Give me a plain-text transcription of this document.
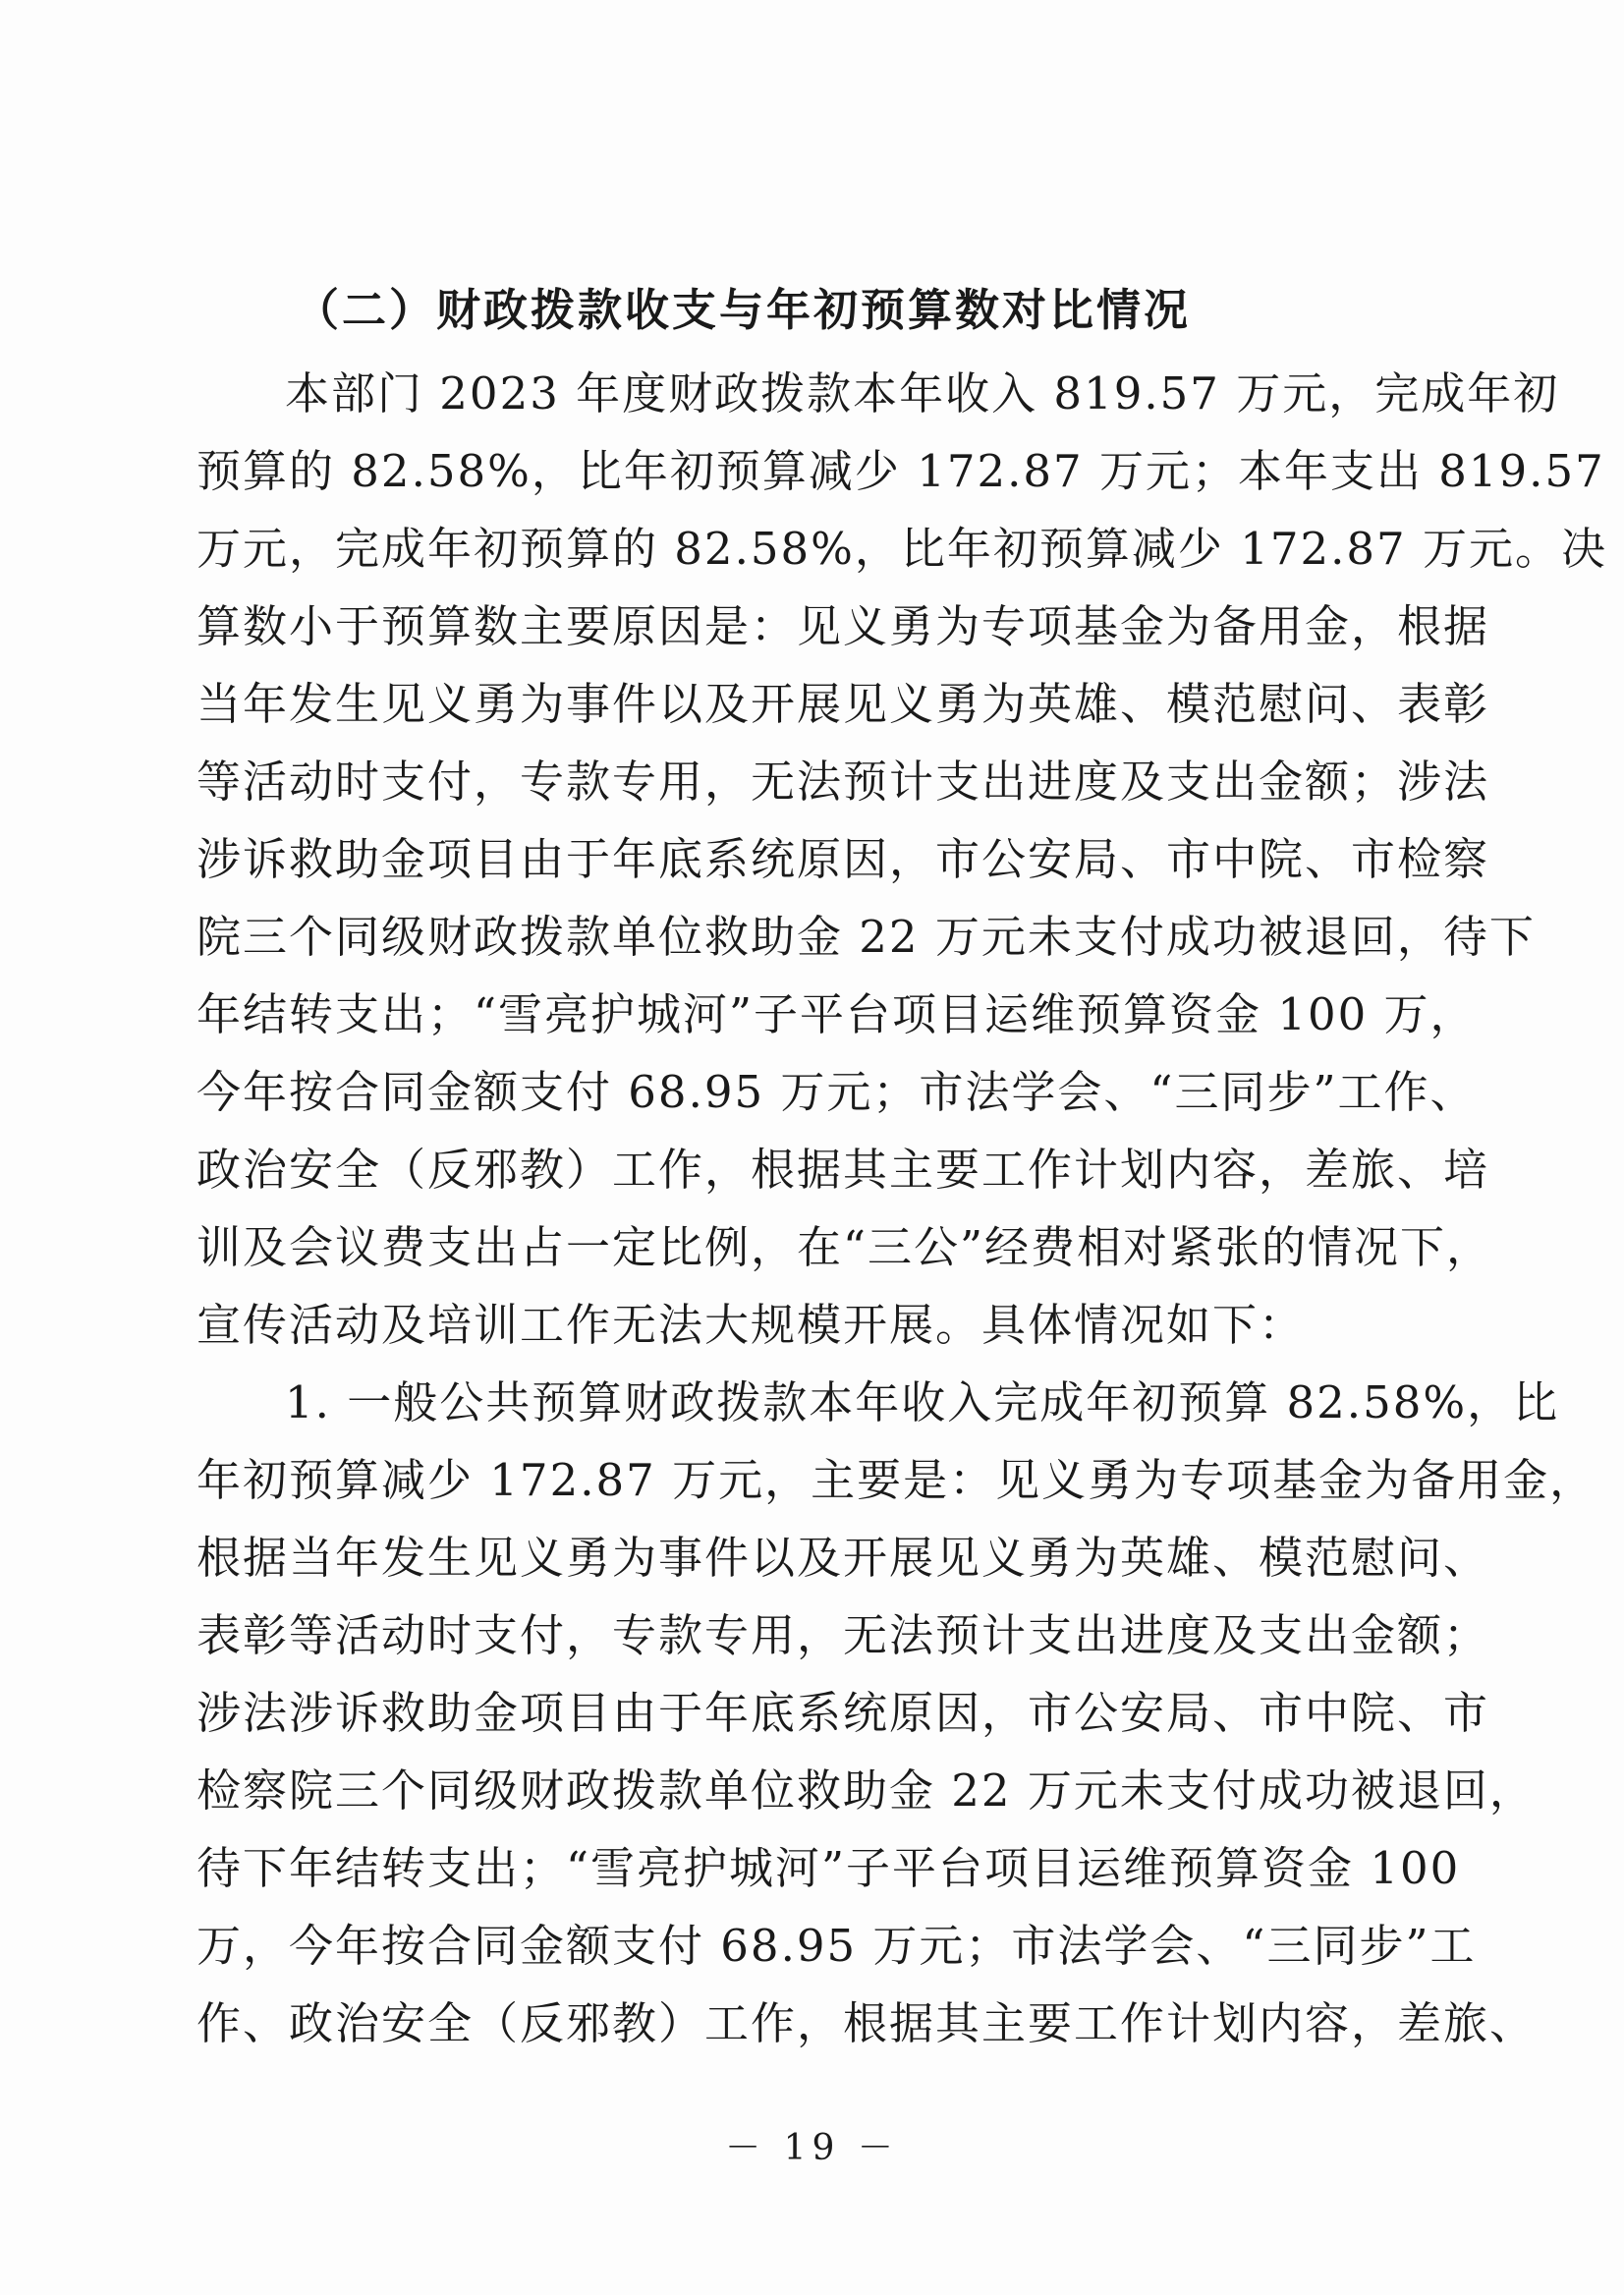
（二）财政拨款收支与年初预算数对比情况
本部门 2023 年度财政拨款本年收入 819.57 万元，完成年初
预算的 82.58%，比年初预算减少 172.87 万元；本年支出 819.57
万元，完成年初预算的 82.58%，比年初预算减少 172.87 万元。决
算数小于预算数主要原因是：见义勇为专项基金为备用金，根据
当年发生见义勇为事件以及开展见义勇为英雄、模范慰问、表彰
等活动时支付，专款专用，无法预计支出进度及支出金额；涉法
涉诉救助金项目由于年底系统原因，市公安局、市中院、市检察
院三个同级财政拨款单位救助金 22 万元未支付成功被退回，待下
年结转支出；“雪亮护城河”子平台项目运维预算资金 100 万，
今年按合同金额支付 68.95 万元；市法学会、“三同步”工作、
政治安全（反邪教）工作，根据其主要工作计划内容，差旅、培
训及会议费支出占一定比例，在“三公”经费相对紧张的情况下，
宣传活动及培训工作无法大规模开展。具体情况如下：
1. 一般公共预算财政拨款本年收入完成年初预算 82.58%，比
年初预算减少 172.87 万元，主要是：见义勇为专项基金为备用金，
根据当年发生见义勇为事件以及开展见义勇为英雄、模范慰问、
表彰等活动时支付，专款专用，无法预计支出进度及支出金额；
涉法涉诉救助金项目由于年底系统原因，市公安局、市中院、市
检察院三个同级财政拨款单位救助金 22 万元未支付成功被退回，
待下年结转支出；“雪亮护城河”子平台项目运维预算资金 100
万，今年按合同金额支付 68.95 万元；市法学会、“三同步”工
－ 19 －
作、政治安全（反邪教）工作，根据其主要工作计划内容，差旅、
